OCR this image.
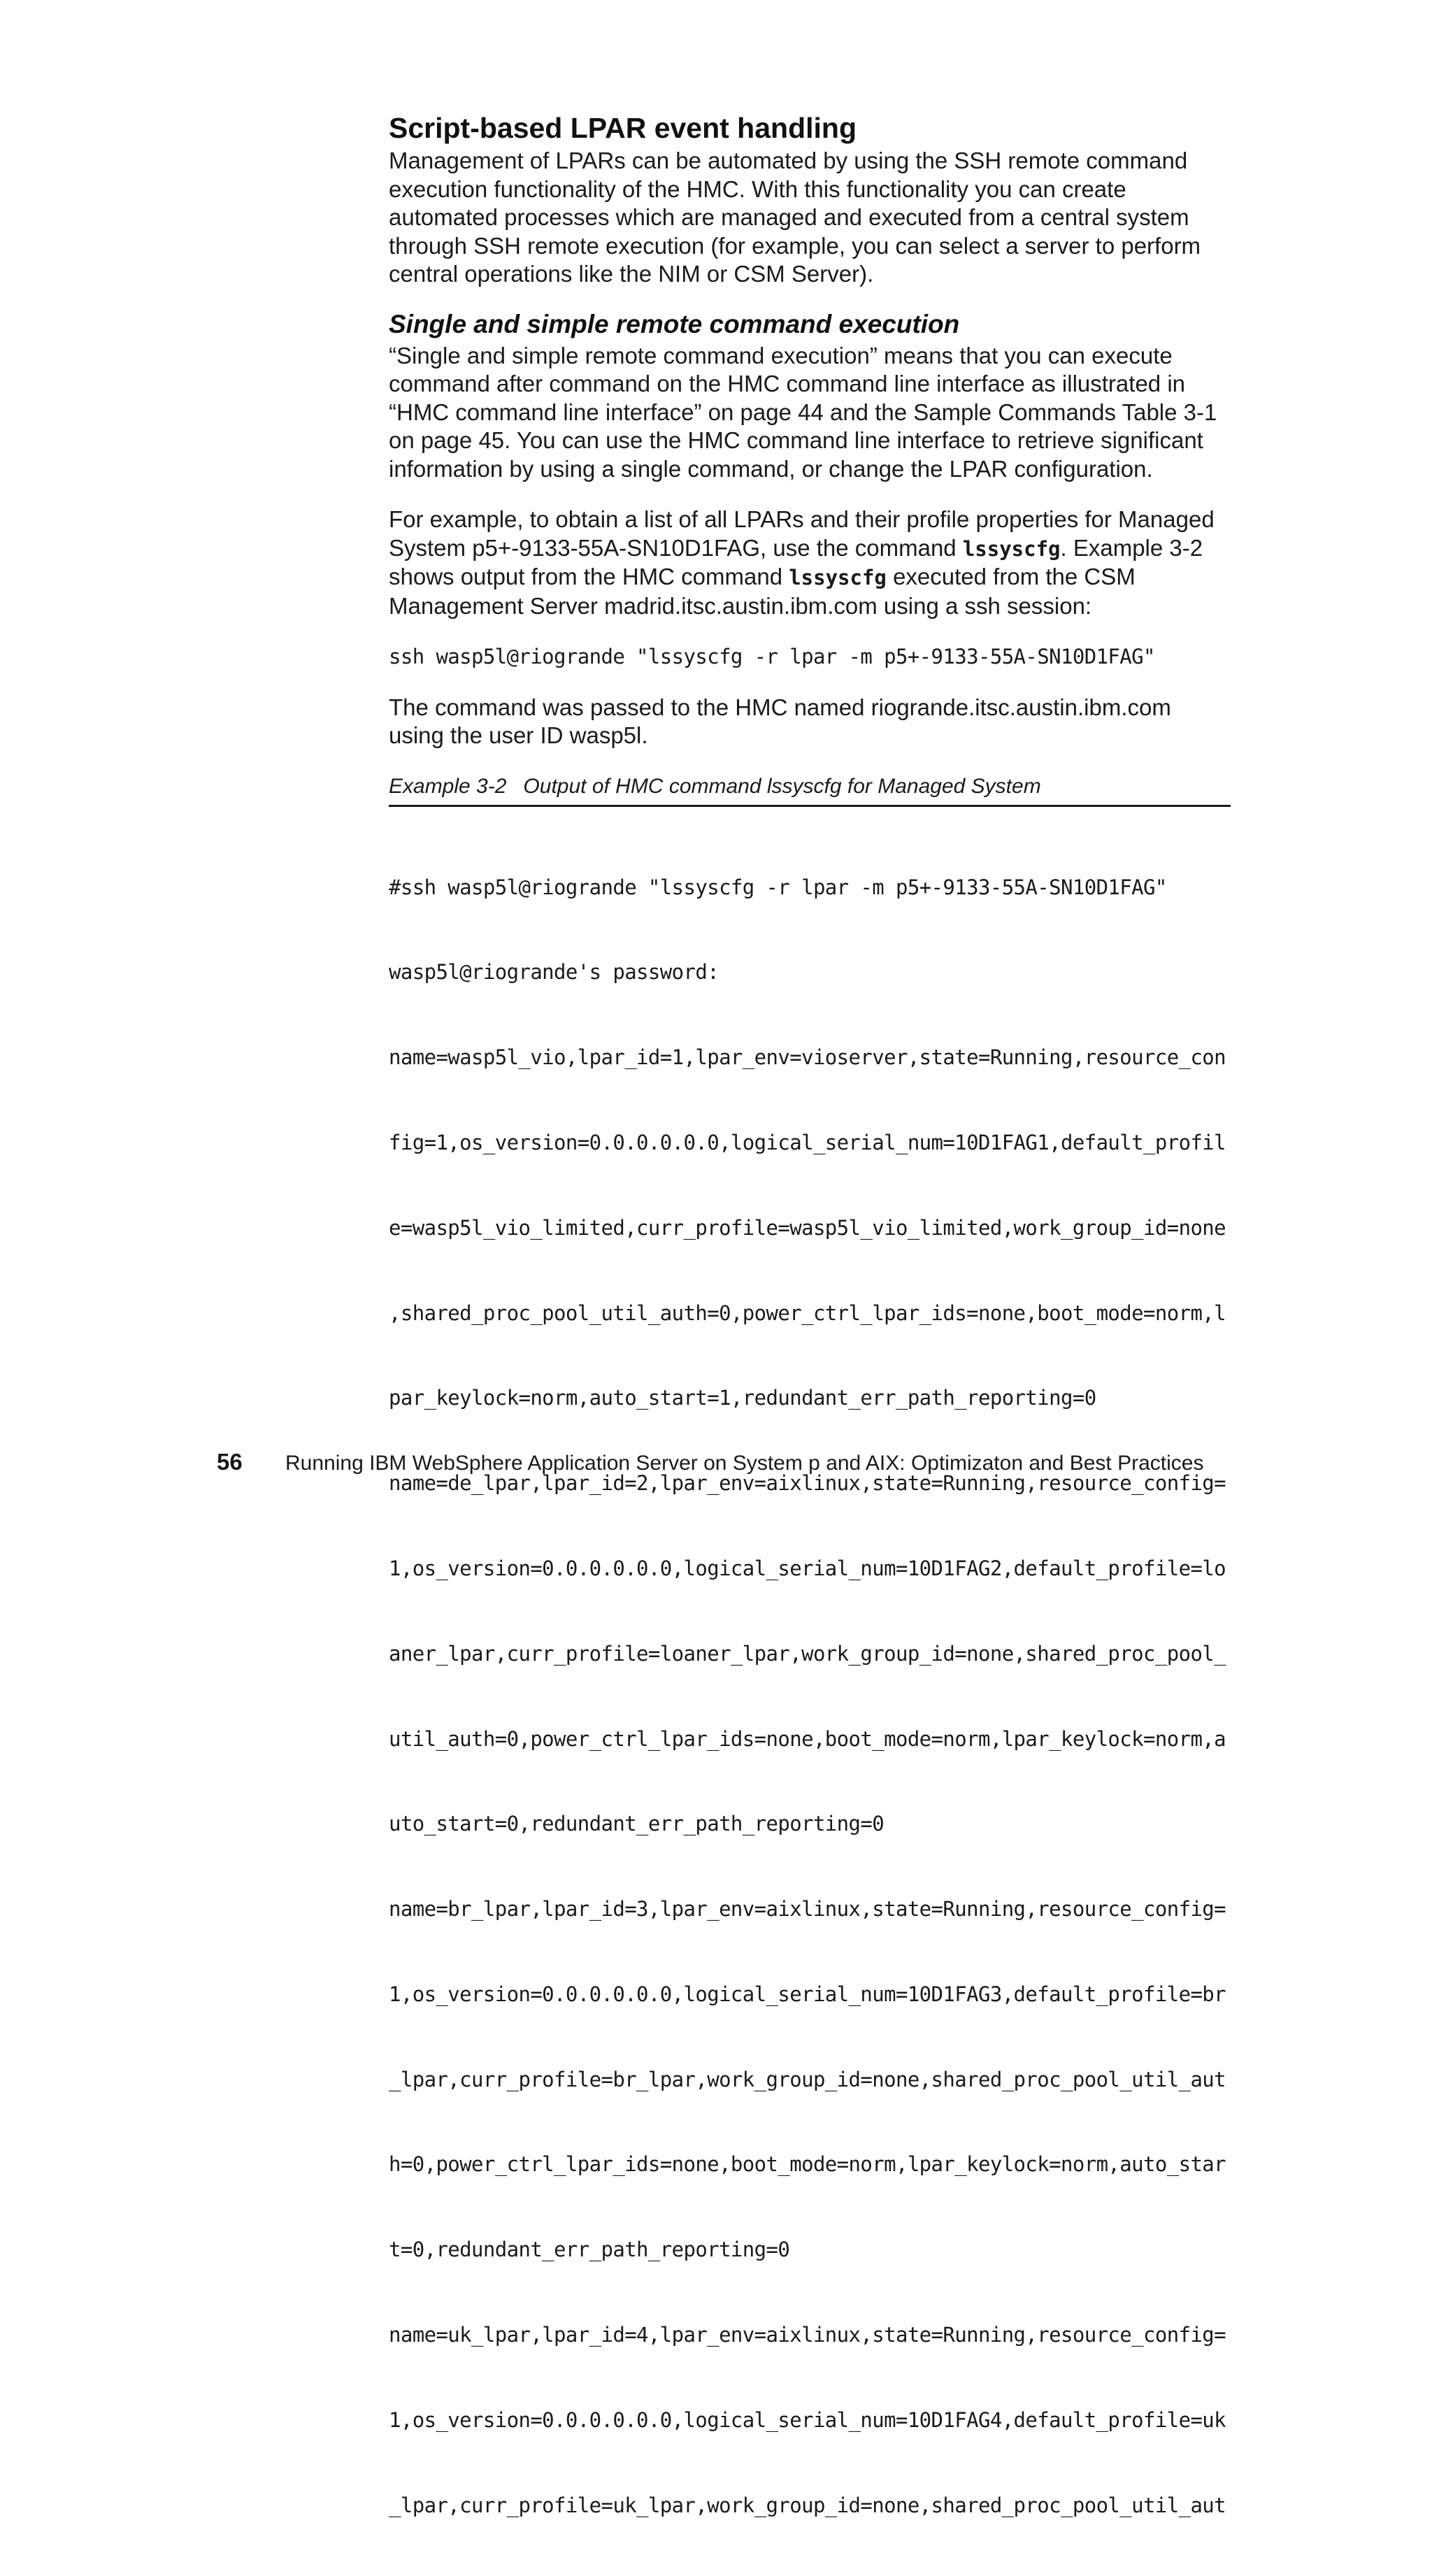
Script-based LPAR event handling

Management of LPARs can be automated by using the SSH remote command execution functionality of the HMC. With this functionality you can create automated processes which are managed and executed from a central system through SSH remote execution (for example, you can select a server to perform central operations like the NIM or CSM Server).

Single and simple remote command execution

“Single and simple remote command execution” means that you can execute command after command on the HMC command line interface as illustrated in “HMC command line interface” on page 44 and the Sample Commands Table 3-1 on page 45. You can use the HMC command line interface to retrieve significant information by using a single command, or change the LPAR configuration.

For example, to obtain a list of all LPARs and their profile properties for Managed System p5+-9133-55A-SN10D1FAG, use the command lssyscfg. Example 3-2 shows output from the HMC command lssyscfg executed from the CSM Management Server madrid.itsc.austin.ibm.com using a ssh session:

ssh wasp5l@riogrande "lssyscfg -r lpar -m p5+-9133-55A-SN10D1FAG"

The command was passed to the HMC named riogrande.itsc.austin.ibm.com using the user ID wasp5l.

Example 3-2 Output of HMC command lssyscfg for Managed System

#ssh wasp5l@riogrande "lssyscfg -r lpar -m p5+-9133-55A-SN10D1FAG"

wasp5l@riogrande's password:

name=wasp5l_vio,lpar_id=1,lpar_env=vioserver,state=Running,resource_con

fig=1,os_version=0.0.0.0.0.0,logical_serial_num=10D1FAG1,default_profil

e=wasp5l_vio_limited,curr_profile=wasp5l_vio_limited,work_group_id=none

,shared_proc_pool_util_auth=0,power_ctrl_lpar_ids=none,boot_mode=norm,l

par_keylock=norm,auto_start=1,redundant_err_path_reporting=0

name=de_lpar,lpar_id=2,lpar_env=aixlinux,state=Running,resource_config=

1,os_version=0.0.0.0.0.0,logical_serial_num=10D1FAG2,default_profile=lo

aner_lpar,curr_profile=loaner_lpar,work_group_id=none,shared_proc_pool_

util_auth=0,power_ctrl_lpar_ids=none,boot_mode=norm,lpar_keylock=norm,a

uto_start=0,redundant_err_path_reporting=0

name=br_lpar,lpar_id=3,lpar_env=aixlinux,state=Running,resource_config=

1,os_version=0.0.0.0.0.0,logical_serial_num=10D1FAG3,default_profile=br

_lpar,curr_profile=br_lpar,work_group_id=none,shared_proc_pool_util_aut

h=0,power_ctrl_lpar_ids=none,boot_mode=norm,lpar_keylock=norm,auto_star

t=0,redundant_err_path_reporting=0

name=uk_lpar,lpar_id=4,lpar_env=aixlinux,state=Running,resource_config=

1,os_version=0.0.0.0.0.0,logical_serial_num=10D1FAG4,default_profile=uk

_lpar,curr_profile=uk_lpar,work_group_id=none,shared_proc_pool_util_aut

56	Running IBM WebSphere Application Server on System p and AIX: Optimizaton and Best Practices
